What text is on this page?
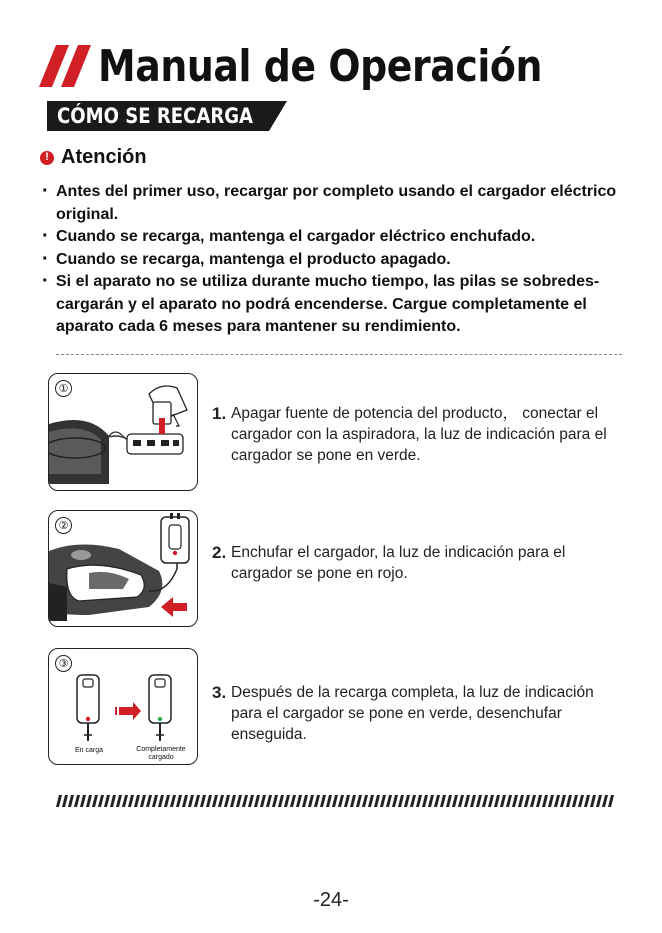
Manual de Operación
CÓMO SE RECARGA
! Atención
· Antes del primer uso, recargar por completo usando el cargador eléctrico original.
· Cuando se recarga, mantenga el cargador eléctrico enchufado.
· Cuando se recarga, mantenga el producto apagado.
· Si el aparato no se utiliza durante mucho tiempo, las pilas se sobredes-cargarán y el aparato no podrá encenderse. Cargue completamente el aparato cada 6 meses para mantener su rendimiento.
①
1. Apagar fuente de potencia del producto， conectar el cargador con la aspiradora, la luz de indicación para el cargador se pone en verde.
②
2. Enchufar el cargador, la luz de indicación para el cargador se pone en rojo.
③
En carga	Completamente cargado
3. Después de la recarga completa, la luz de indicación para el cargador se pone en verde, desenchufar enseguida.
-24-
